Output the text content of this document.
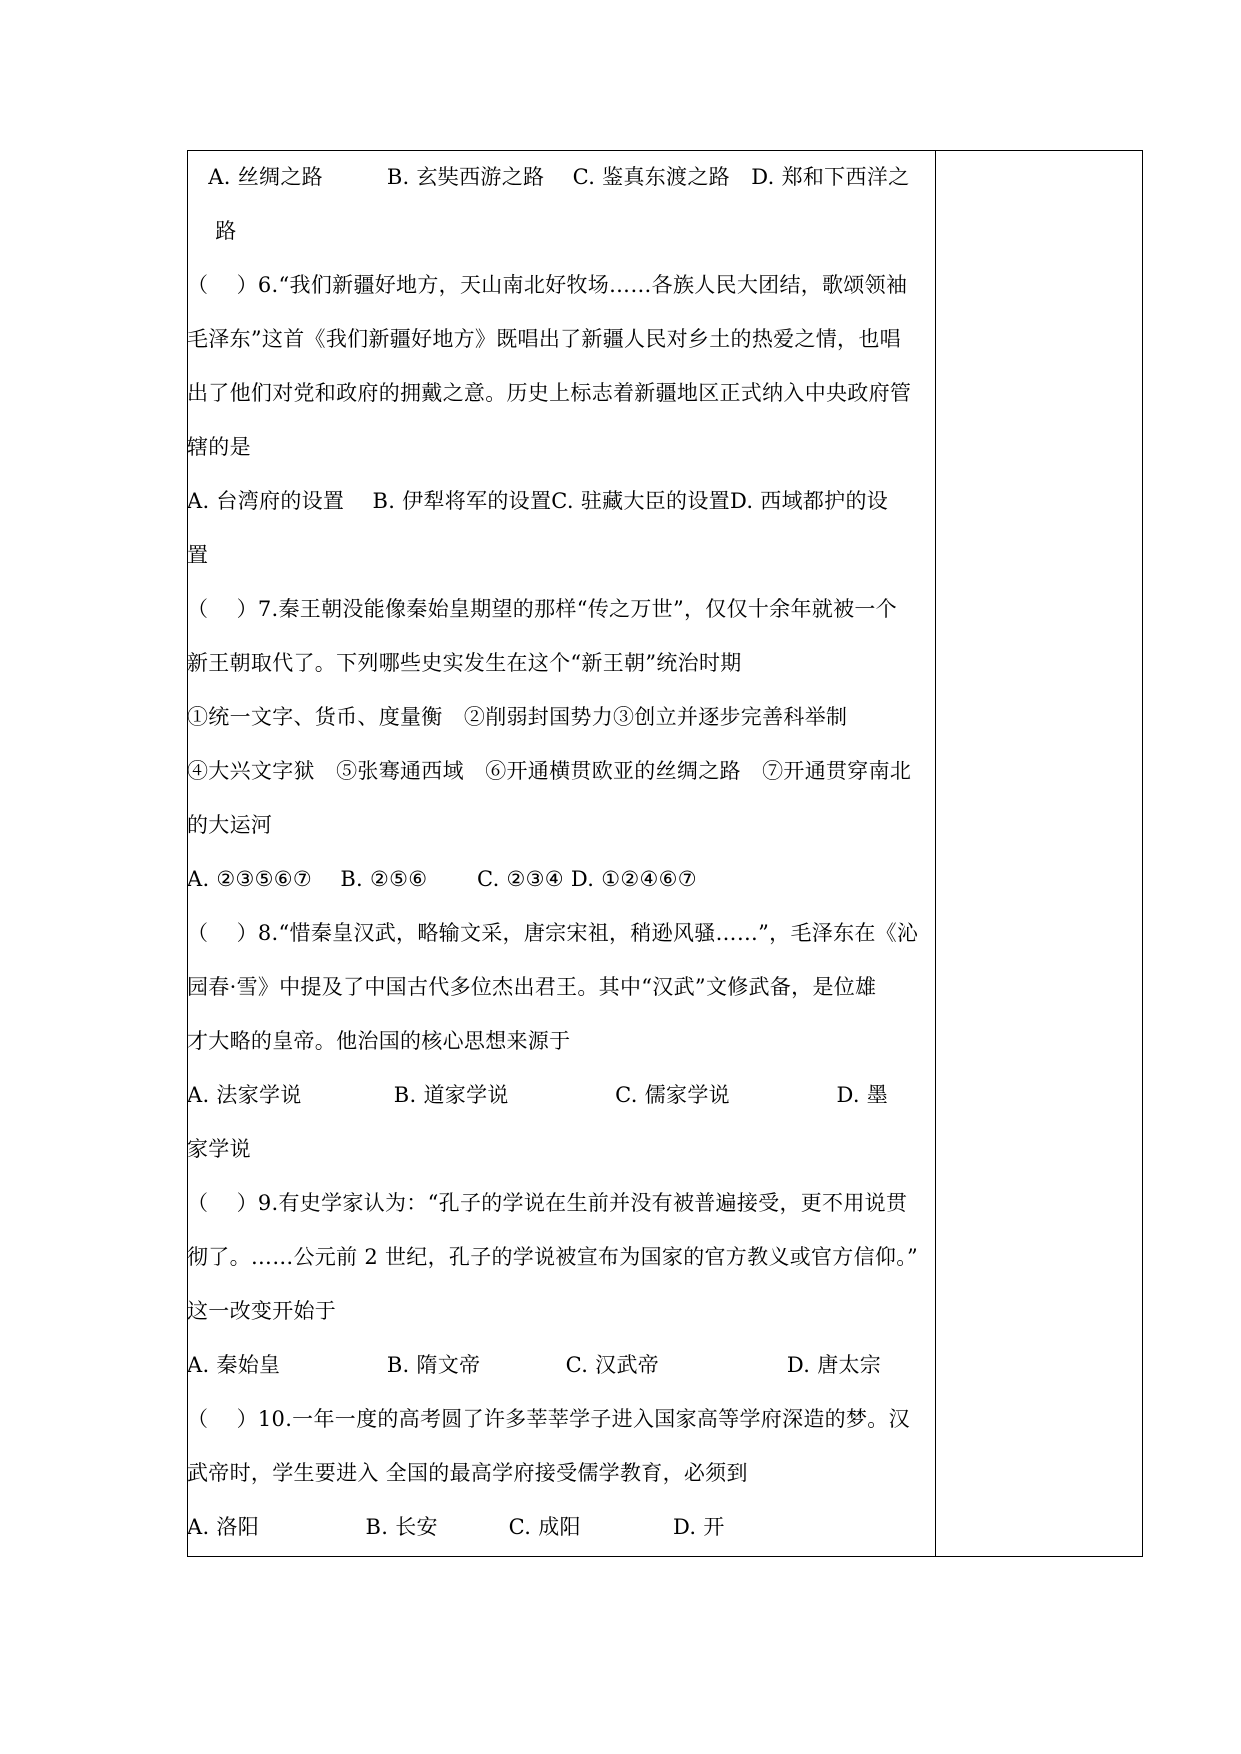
　A. 丝绸之路　　　B. 玄奘西游之路　 C. 鉴真东渡之路　D. 郑和下西洋之
　 路
（　 ）6.“我们新疆好地方，天山南北好牧场……各族人民大团结，歌颂领袖
毛泽东”这首《我们新疆好地方》既唱出了新疆人民对乡土的热爱之情，也唱
出了他们对党和政府的拥戴之意。历史上标志着新疆地区正式纳入中央政府管
辖的是
A. 台湾府的设置　 B. 伊犁将军的设置C. 驻藏大臣的设置D. 西域都护的设
置
（　 ）7.秦王朝没能像秦始皇期望的那样“传之万世”，仅仅十余年就被一个
新王朝取代了。下列哪些史实发生在这个“新王朝”统治时期
①统一文字、货币、度量衡　②削弱封国势力③创立并逐步完善科举制
④大兴文字狱　⑤张骞通西域　⑥开通横贯欧亚的丝绸之路　⑦开通贯穿南北
的大运河
A. ②③⑤⑥⑦　 B. ②⑤⑥　　 C. ②③④ D. ①②④⑥⑦
（　 ）8.“惜秦皇汉武，略输文采，唐宗宋祖，稍逊风骚……”，毛泽东在《沁
园春·雪》中提及了中国古代多位杰出君王。其中“汉武”文修武备，是位雄
才大略的皇帝。他治国的核心思想来源于
A. 法家学说　　　　 B. 道家学说　　　　　C. 儒家学说　　　　　D. 墨
家学说
（　 ）9.有史学家认为：“孔子的学说在生前并没有被普遍接受，更不用说贯
彻了。……公元前 2 世纪，孔子的学说被宣布为国家的官方教义或官方信仰。”
这一改变开始于
A. 秦始皇　　　　　B. 隋文帝　　　　C. 汉武帝　　　　　　D. 唐太宗
（　 ）10.一年一度的高考圆了许多莘莘学子进入国家高等学府深造的梦。汉
武帝时，学生要进入 全国的最高学府接受儒学教育，必须到
A. 洛阳　　　　　B. 长安　　　 C. 成阳　　　　 D. 开
